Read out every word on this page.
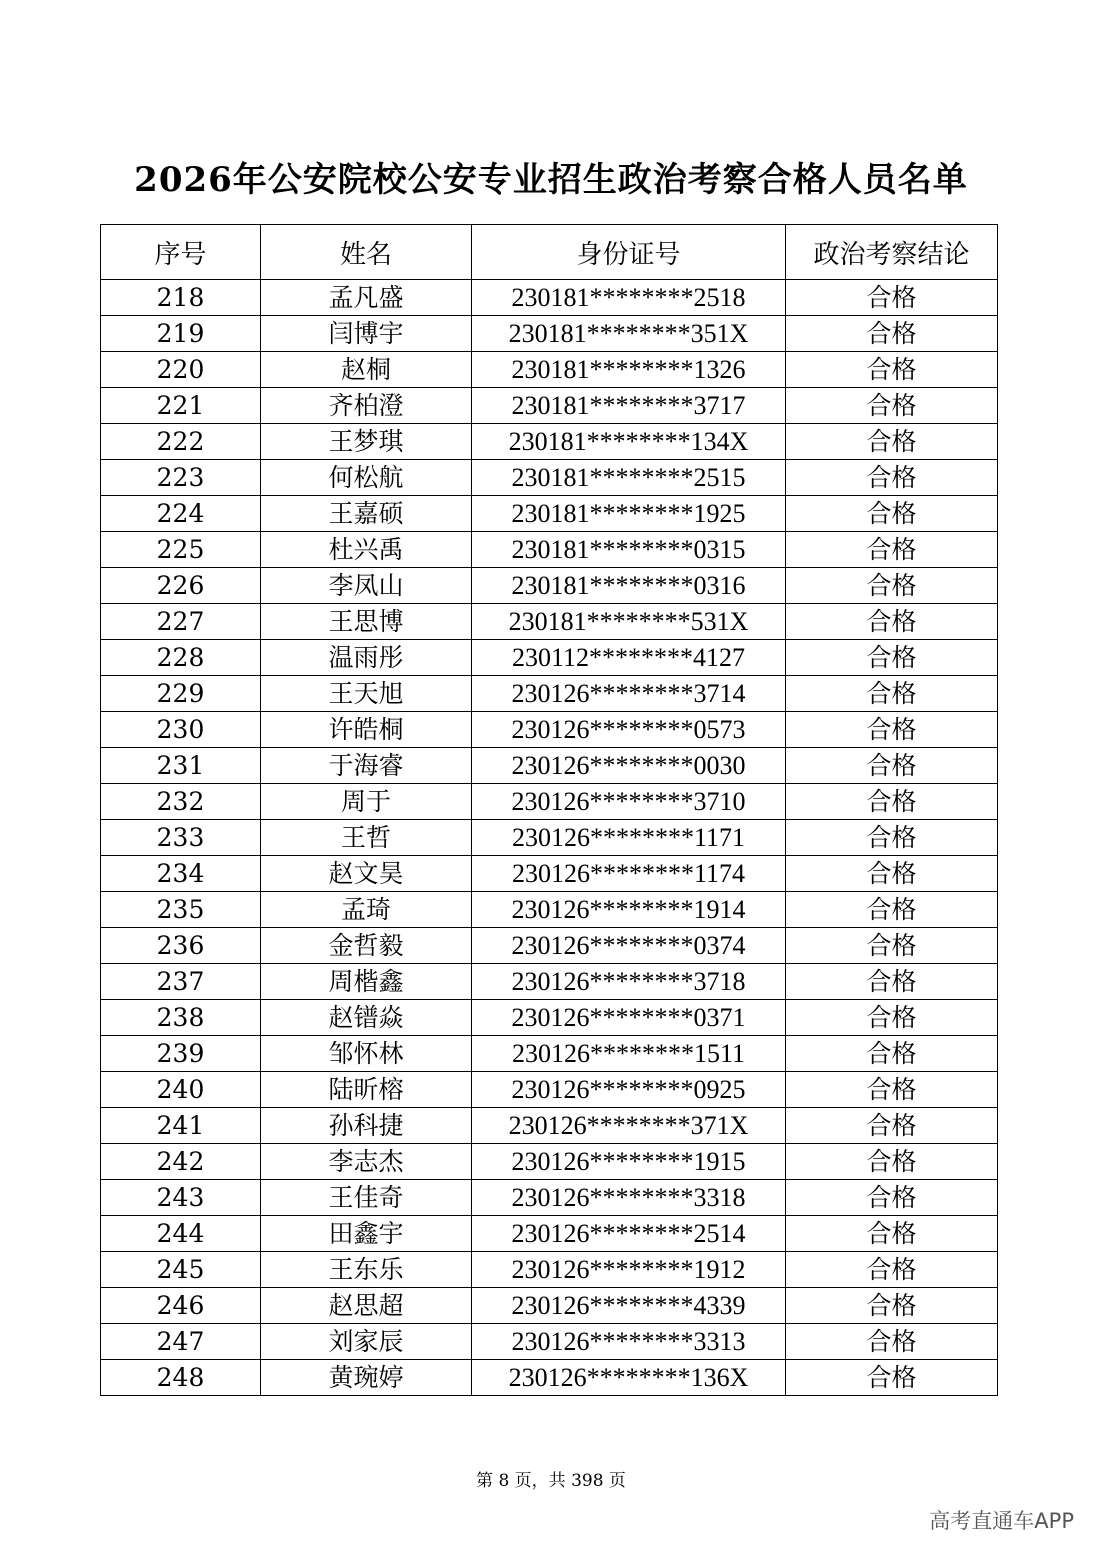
2026年公安院校公安专业招生政治考察合格人员名单
序号	姓名	身份证号	政治考察结论
218	孟凡盛	230181********2518	合格
219	闫博宇	230181********351X	合格
220	赵桐	230181********1326	合格
221	齐柏澄	230181********3717	合格
222	王梦琪	230181********134X	合格
223	何松航	230181********2515	合格
224	王嘉硕	230181********1925	合格
225	杜兴禹	230181********0315	合格
226	李凤山	230181********0316	合格
227	王思博	230181********531X	合格
228	温雨彤	230112********4127	合格
229	王天旭	230126********3714	合格
230	许皓桐	230126********0573	合格
231	于海睿	230126********0030	合格
232	周于	230126********3710	合格
233	王哲	230126********1171	合格
234	赵文昊	230126********1174	合格
235	孟琦	230126********1914	合格
236	金哲毅	230126********0374	合格
237	周楷鑫	230126********3718	合格
238	赵镨焱	230126********0371	合格
239	邹怀林	230126********1511	合格
240	陆昕榕	230126********0925	合格
241	孙科捷	230126********371X	合格
242	李志杰	230126********1915	合格
243	王佳奇	230126********3318	合格
244	田鑫宇	230126********2514	合格
245	王东乐	230126********1912	合格
246	赵思超	230126********4339	合格
247	刘家辰	230126********3313	合格
248	黄琬婷	230126********136X	合格
第 8 页，共 398 页
高考直通车APP
